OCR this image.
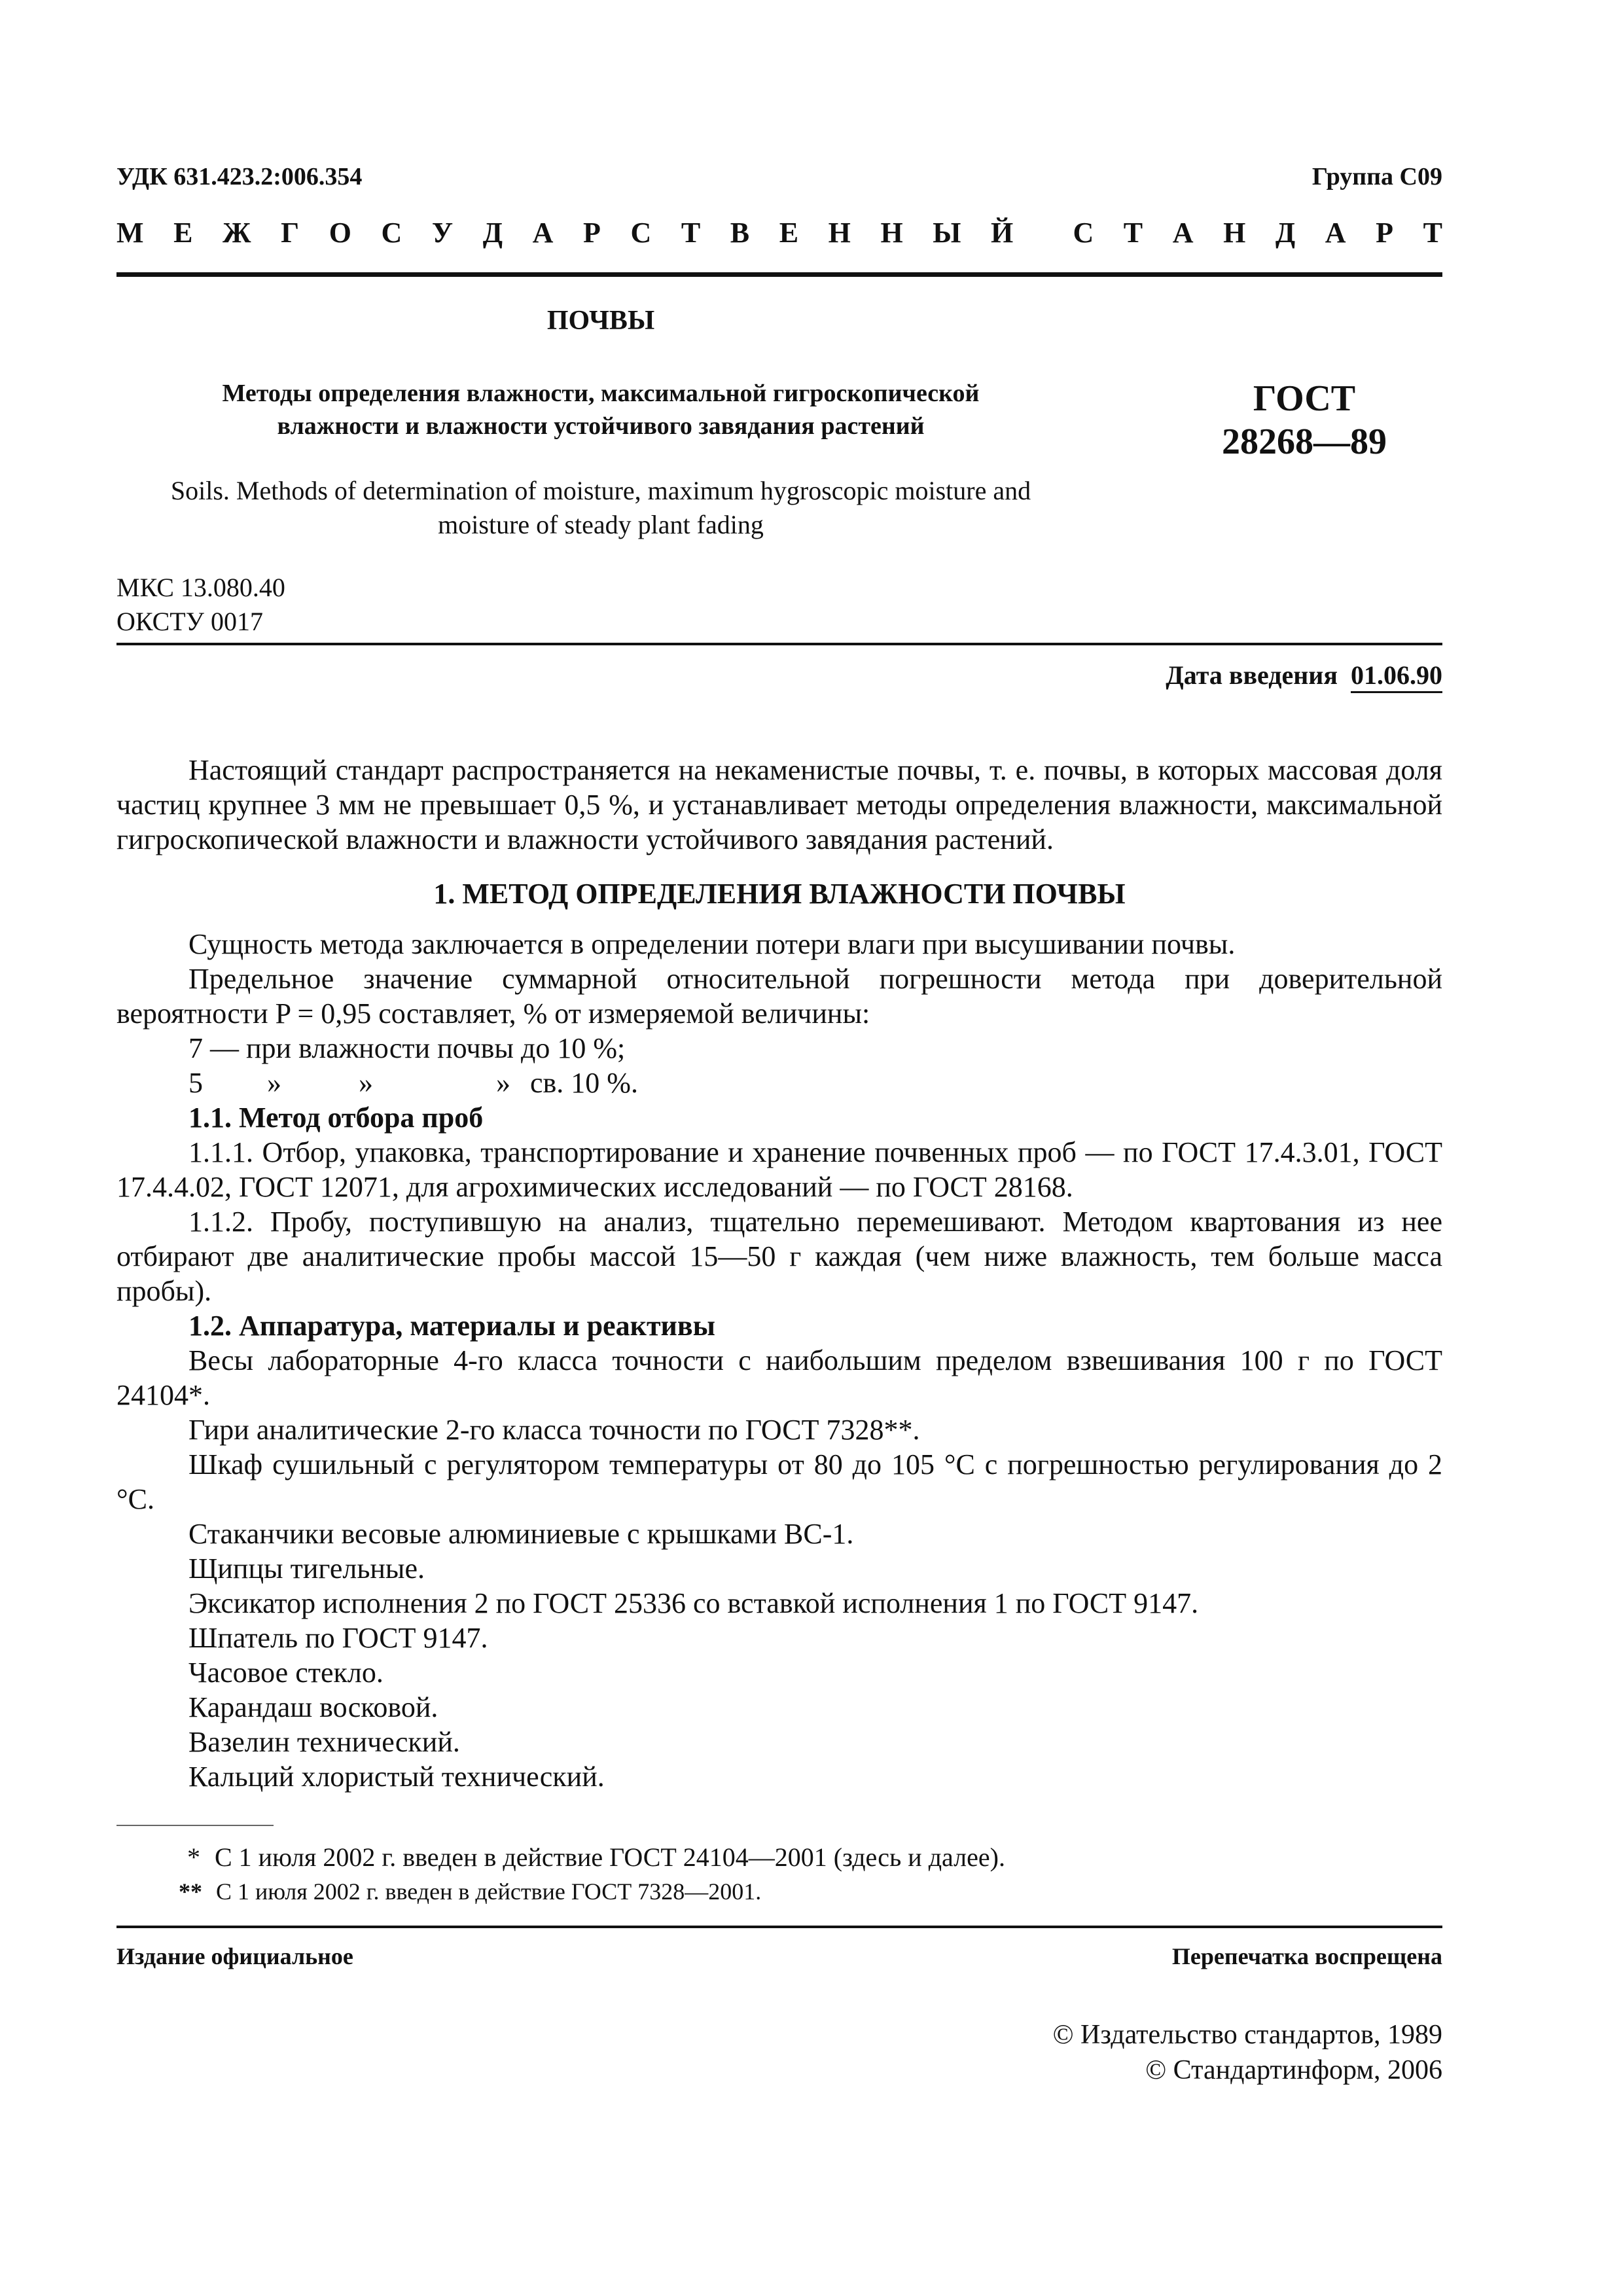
УДК 631.423.2:006.354	Группа С09
М Е Ж Г О С У Д А Р С Т В Е Н Н Ы Й С Т А Н Д А Р Т
ПОЧВЫ
Методы определения влажности, максимальной гигроскопической
влажности и влажности устойчивого завядания растений
Soils. Methods of determination of moisture, maximum hygroscopic moisture and
moisture of steady plant fading
ГОСТ
28268—89
МКС 13.080.40
ОКСТУ 0017
Дата введения 01.06.90

Настоящий стандарт распространяется на некаменистые почвы, т. е. почвы, в которых массовая доля частиц крупнее 3 мм не превышает 0,5 %, и устанавливает методы определения влажности, максимальной гигроскопической влажности и влажности устойчивого завядания растений.

1. МЕТОД ОПРЕДЕЛЕНИЯ ВЛАЖНОСТИ ПОЧВЫ

Сущность метода заключается в определении потери влаги при высушивании почвы.

Предельное значение суммарной относительной погрешности метода при доверительной вероятности P = 0,95 составляет, % от измеряемой величины:

7 — при влажности почвы до 10 %;

5 »	»	» св. 10 %.

1.1. Метод отбора проб

1.1.1. Отбор, упаковка, транспортирование и хранение почвенных проб — по ГОСТ 17.4.3.01, ГОСТ 17.4.4.02, ГОСТ 12071, для агрохимических исследований — по ГОСТ 28168.

1.1.2. Пробу, поступившую на анализ, тщательно перемешивают. Методом квартования из нее отбирают две аналитические пробы массой 15—50 г каждая (чем ниже влажность, тем больше масса пробы).

1.2. Аппаратура, материалы и реактивы

Весы лабораторные 4-го класса точности с наибольшим пределом взвешивания 100 г по ГОСТ 24104*.

Гири аналитические 2-го класса точности по ГОСТ 7328**.

Шкаф сушильный с регулятором температуры от 80 до 105 °С с погрешностью регулирования до 2 °С.

Стаканчики весовые алюминиевые с крышками ВС-1.

Щипцы тигельные.

Эксикатор исполнения 2 по ГОСТ 25336 со вставкой исполнения 1 по ГОСТ 9147.

Шпатель по ГОСТ 9147.

Часовое стекло.

Карандаш восковой.

Вазелин технический.

Кальций хлористый технический.

* С 1 июля 2002 г. введен в действие ГОСТ 24104—2001 (здесь и далее).
** С 1 июля 2002 г. введен в действие ГОСТ 7328—2001.
Издание официальное	Перепечатка воспрещена
© Издательство стандартов, 1989
© Стандартинформ, 2006
